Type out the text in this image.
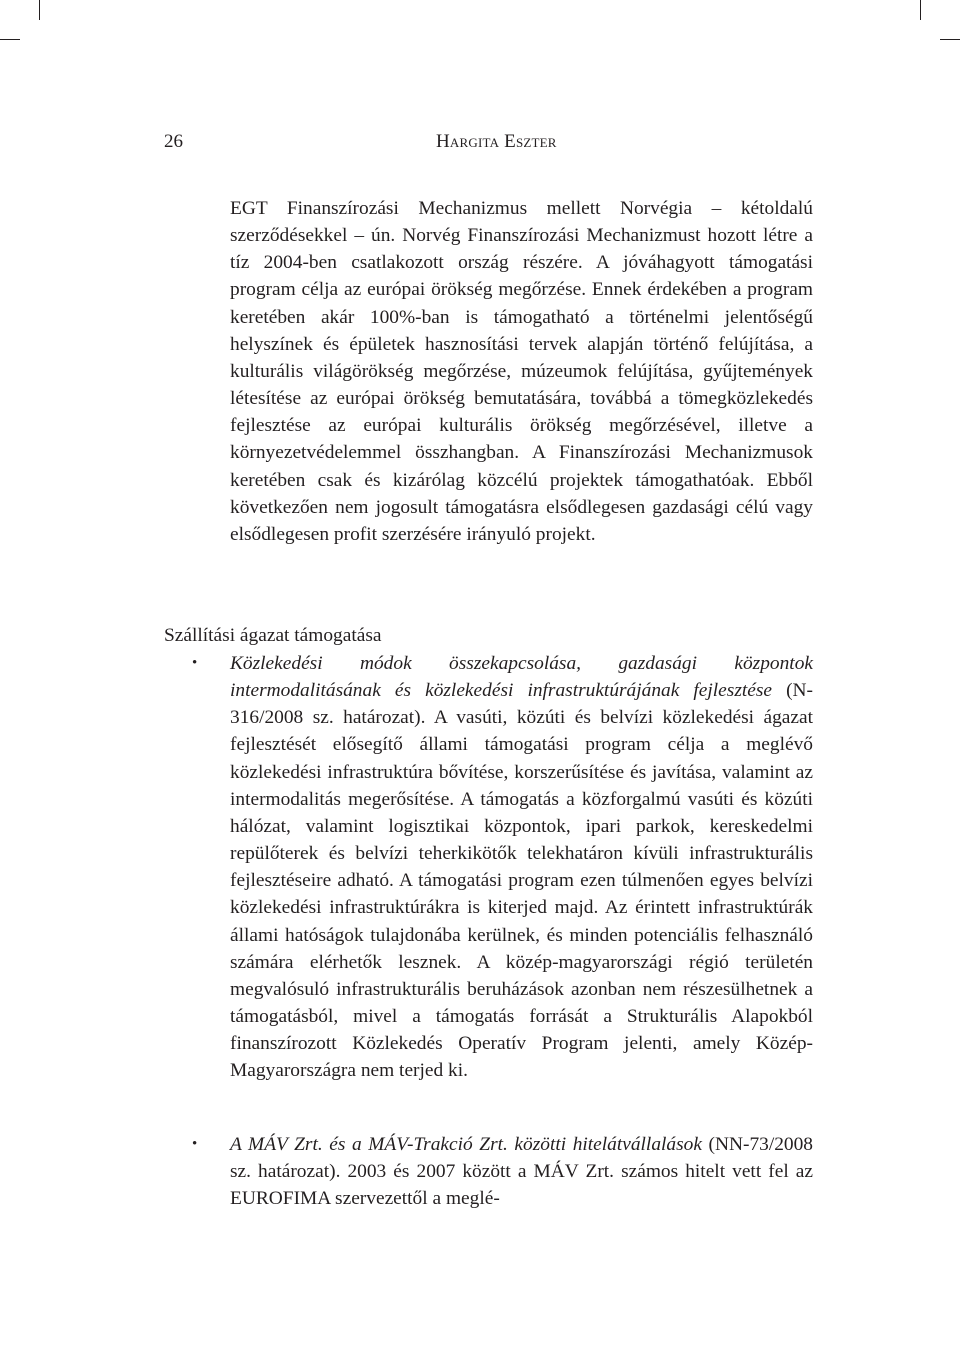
26	Hargita Eszter

EGT Finanszírozási Mechanizmus mellett Norvégia – kétoldalú szerződésekkel – ún. Norvég Finanszírozási Mechanizmust hozott létre a tíz 2004-ben csatlakozott ország részére. A jóváhagyott támogatási program célja az európai örökség megőrzése. Ennek érdekében a program keretében akár 100%-ban is támogatható a történelmi jelentőségű helyszínek és épületek hasznosítási tervek alapján történő felújítása, a kulturális világörökség megőrzése, múzeumok felújítása, gyűjtemények létesítése az európai örökség bemutatására, továbbá a tömegközlekedés fejlesztése az európai kulturális örökség megőrzésével, illetve a környezetvédelemmel összhangban. A Finanszírozási Mechanizmusok keretében csak és kizárólag közcélú projektek támogathatóak. Ebből következően nem jogosult támogatásra elsődlegesen gazdasági célú vagy elsődlegesen profit szerzésére irányuló projekt.

Szállítási ágazat támogatása
• Közlekedési módok összekapcsolása, gazdasági központok intermodalitásának és közlekedési infrastruktúrájának fejlesztése (N-316/2008 sz. határozat). A vasúti, közúti és belvízi közlekedési ágazat fejlesztését elősegítő állami támogatási program célja a meglévő közlekedési infrastruktúra bővítése, korszerűsítése és javítása, valamint az intermodalitás megerősítése. A támogatás a közforgalmú vasúti és közúti hálózat, valamint logisztikai központok, ipari parkok, kereskedelmi repülőterek és belvízi teherkikötők telekhatáron kívüli infrastrukturális fejlesztéseire adható. A támogatási program ezen túlmenően egyes belvízi közlekedési infrastruktúrákra is kiterjed majd. Az érintett infrastruktúrák állami hatóságok tulajdonába kerülnek, és minden potenciális felhasználó számára elérhetők lesznek. A közép-magyarországi régió területén megvalósuló infrastrukturális beruházások azonban nem részesülhetnek a támogatásból, mivel a támogatás forrását a Strukturális Alapokból finanszírozott Közlekedés Operatív Program jelenti, amely Közép-Magyarországra nem terjed ki.

• A MÁV Zrt. és a MÁV-Trakció Zrt. közötti hitelátvállalások (NN-73/2008 sz. határozat). 2003 és 2007 között a MÁV Zrt. számos hitelt vett fel az EUROFIMA szervezettől a meglé-
